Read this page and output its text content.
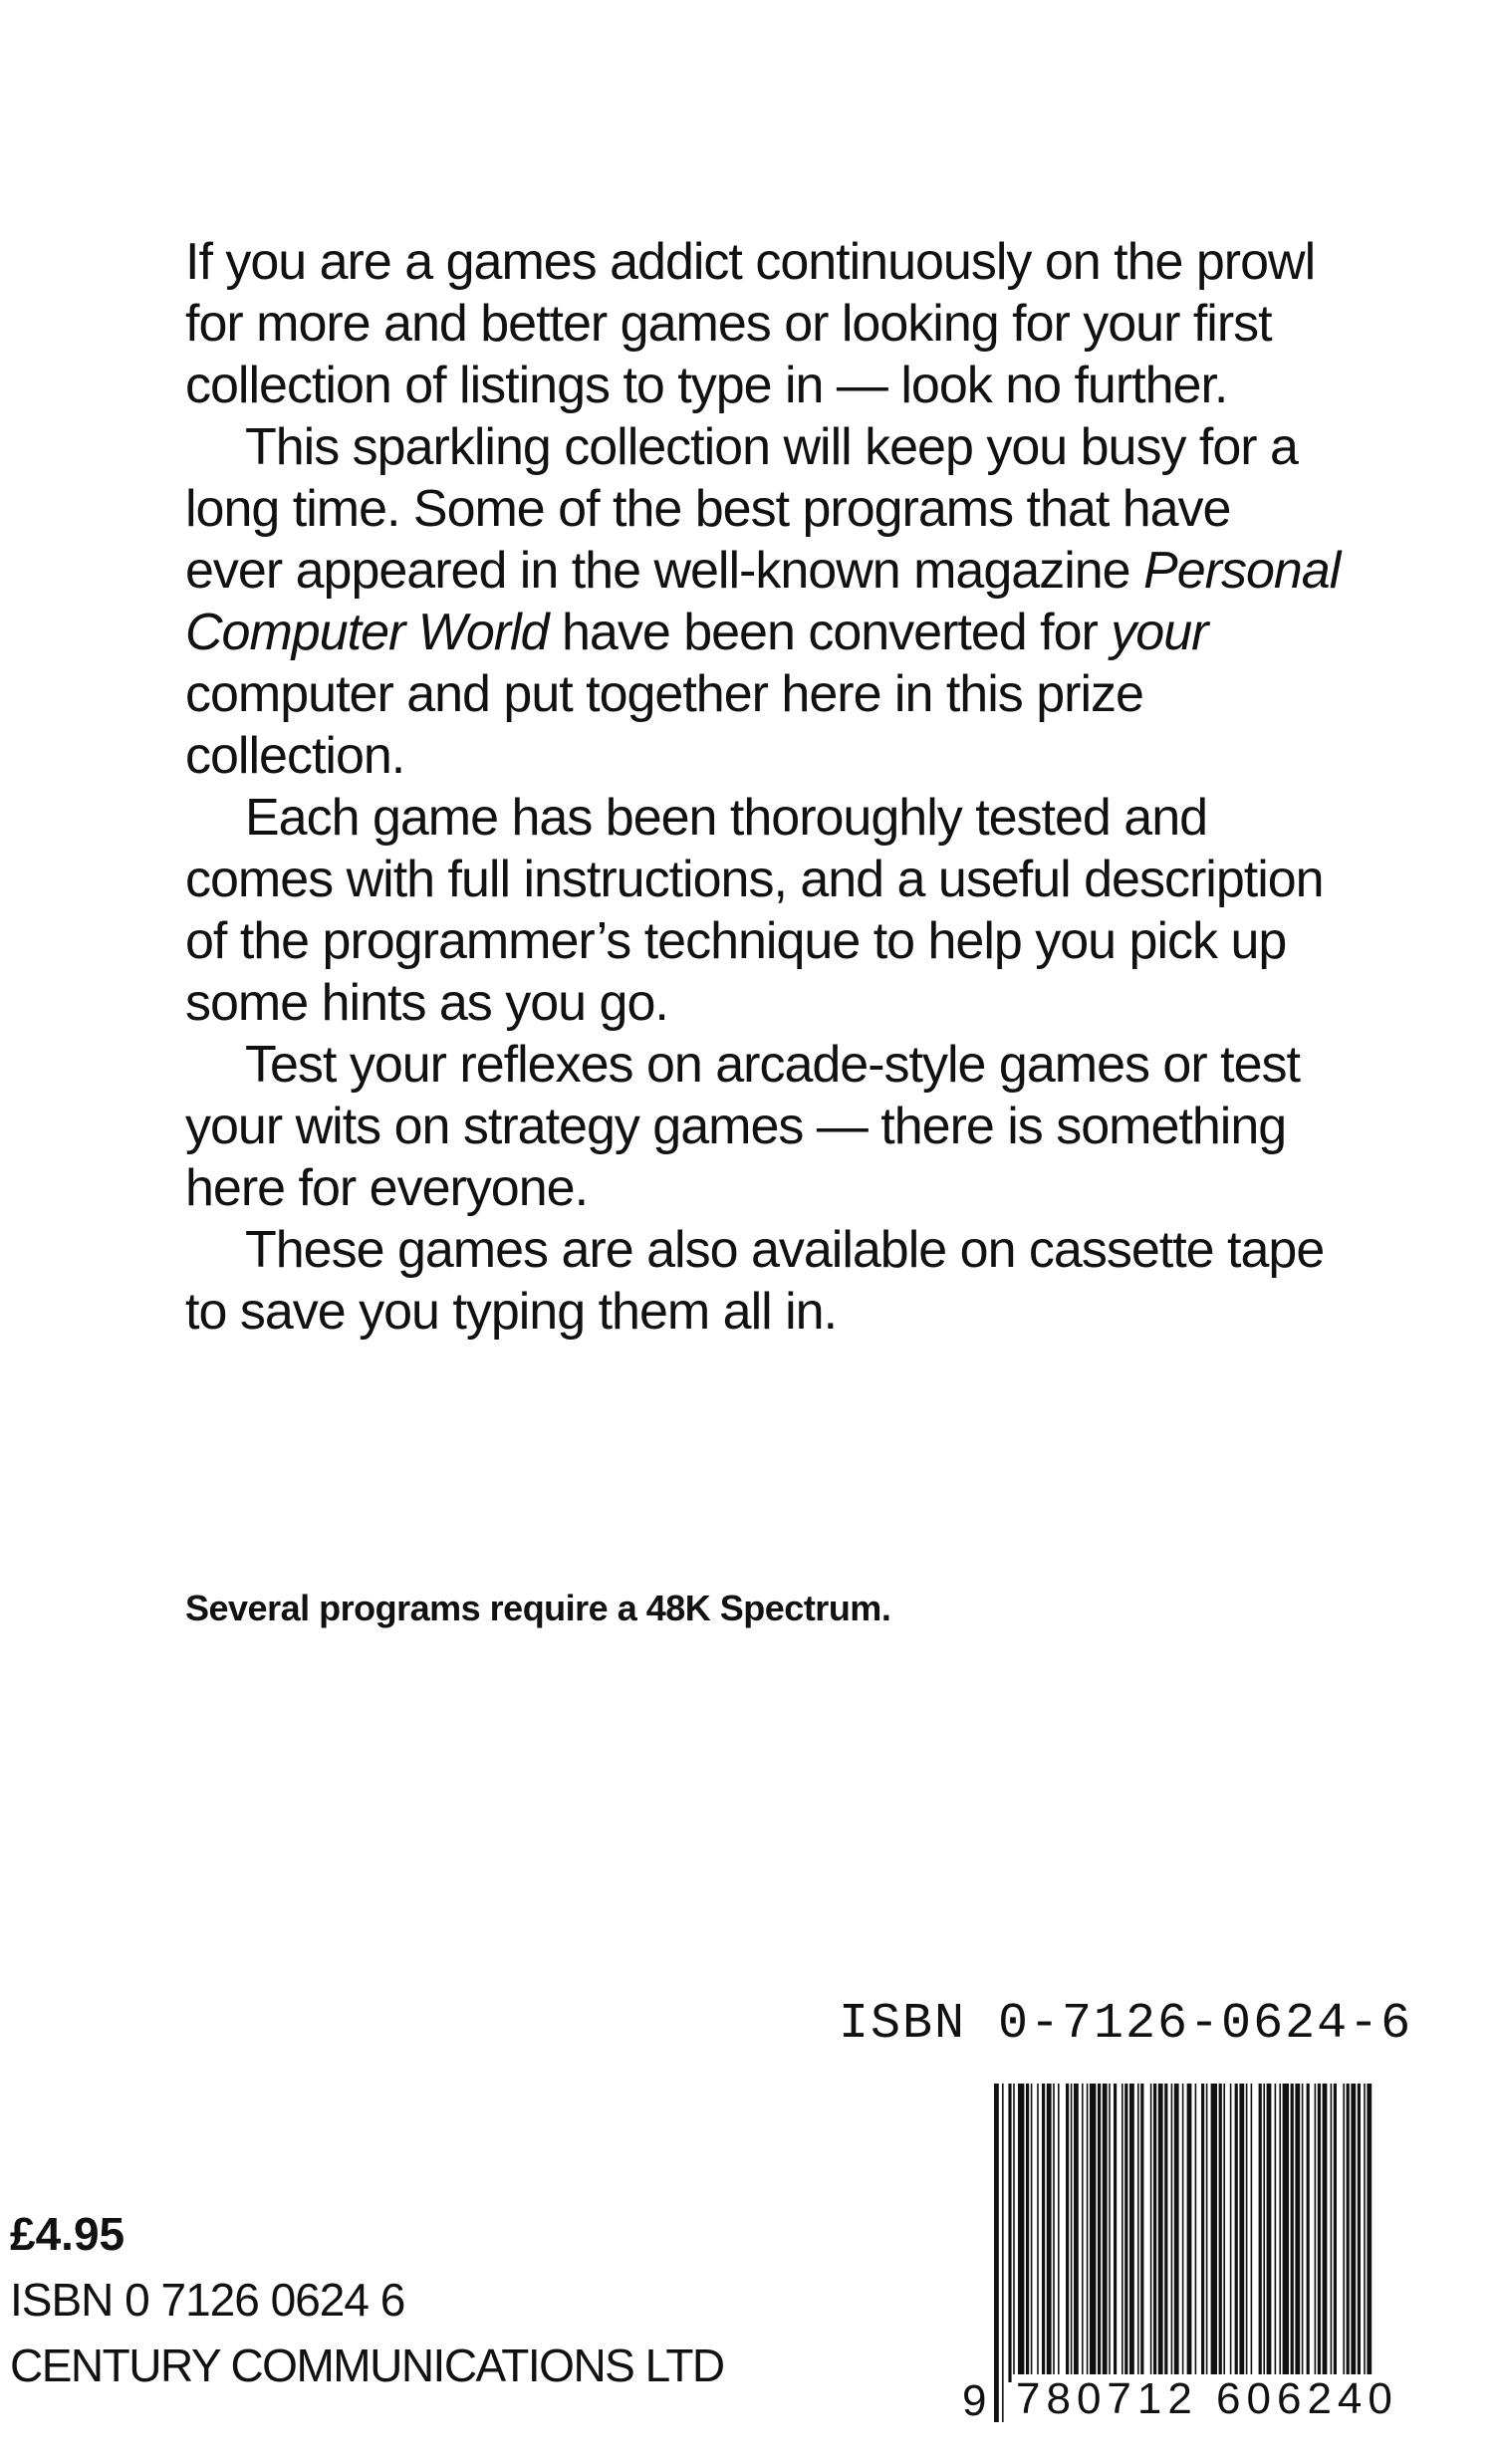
If you are a games addict continuously on the prowl for more and better games or looking for your first collection of listings to type in — look no further.

This sparkling collection will keep you busy for a long time. Some of the best programs that have ever appeared in the well-known magazine Personal Computer World have been converted for your computer and put together here in this prize collection.

Each game has been thoroughly tested and comes with full instructions, and a useful description of the programmer’s technique to help you pick up some hints as you go.

Test your reflexes on arcade-style games or test your wits on strategy games — there is something here for everyone.

These games are also available on cassette tape to save you typing them all in.

Several programs require a 48K Spectrum.
ISBN 0-7126-0624-6
9 780712 606240
£4.95
ISBN 0 7126 0624 6
CENTURY COMMUNICATIONS LTD
